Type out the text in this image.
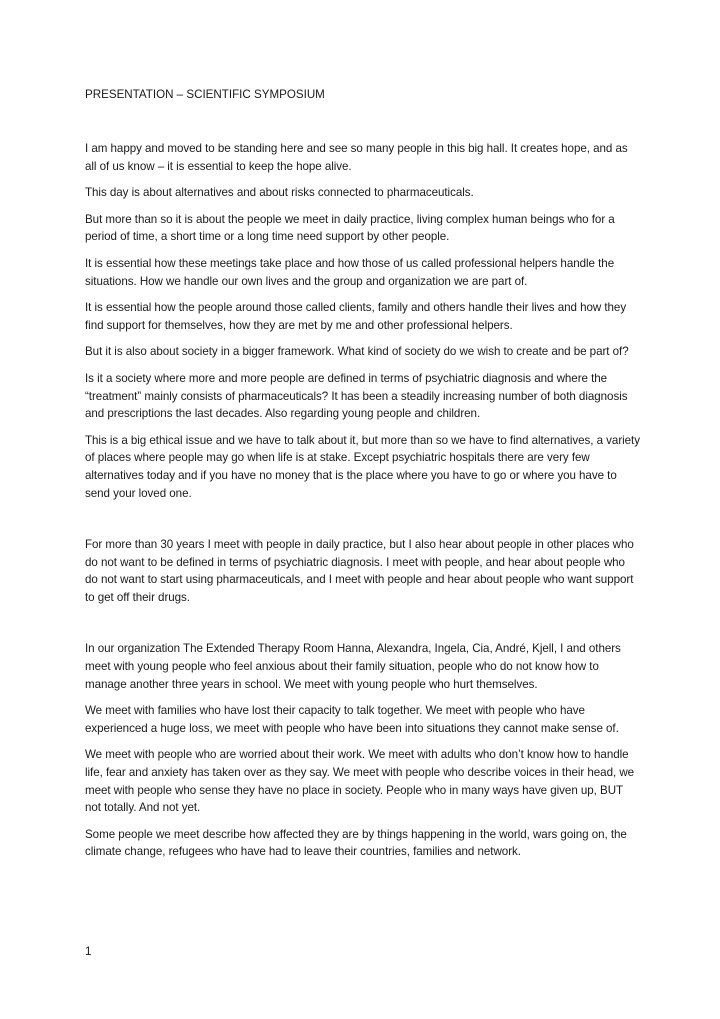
PRESENTATION – SCIENTIFIC SYMPOSIUM

I am happy and moved to be standing here and see so many people in this big hall. It creates hope, and as all of us know – it is essential to keep the hope alive.

This day is about alternatives and about risks connected to pharmaceuticals.

But more than so it is about the people we meet in daily practice, living complex human beings who for a period of time, a short time or a long time need support by other people.

It is essential how these meetings take place and how those of us called professional helpers handle the situations. How we handle our own lives and the group and organization we are part of.

It is essential how the people around those called clients, family and others handle their lives and how they find support for themselves, how they are met by me and other professional helpers.

But it is also about society in a bigger framework. What kind of society do we wish to create and be part of?

Is it a society where more and more people are defined in terms of psychiatric diagnosis and where the “treatment” mainly consists of pharmaceuticals? It has been a steadily increasing number of both diagnosis and prescriptions the last decades. Also regarding young people and children.

This is a big ethical issue and we have to talk about it, but more than so we have to find alternatives, a variety of places where people may go when life is at stake. Except psychiatric hospitals there are very few alternatives today and if you have no money that is the place where you have to go or where you have to send your loved one.

For more than 30 years I meet with people in daily practice, but I also hear about people in other places who do not want to be defined in terms of psychiatric diagnosis. I meet with people, and hear about people who do not want to start using pharmaceuticals, and I meet with people and hear about people who want support to get off their drugs.

In our organization The Extended Therapy Room Hanna, Alexandra, Ingela, Cia, André, Kjell, I and others meet with young people who feel anxious about their family situation, people who do not know how to manage another three years in school. We meet with young people who hurt themselves.

We meet with families who have lost their capacity to talk together. We meet with people who have experienced a huge loss, we meet with people who have been into situations they cannot make sense of.

We meet with people who are worried about their work. We meet with adults who don’t know how to handle life, fear and anxiety has taken over as they say. We meet with people who describe voices in their head, we meet with people who sense they have no place in society. People who in many ways have given up, BUT not totally. And not yet.

Some people we meet describe how affected they are by things happening in the world, wars going on, the climate change, refugees who have had to leave their countries, families and network.

1
